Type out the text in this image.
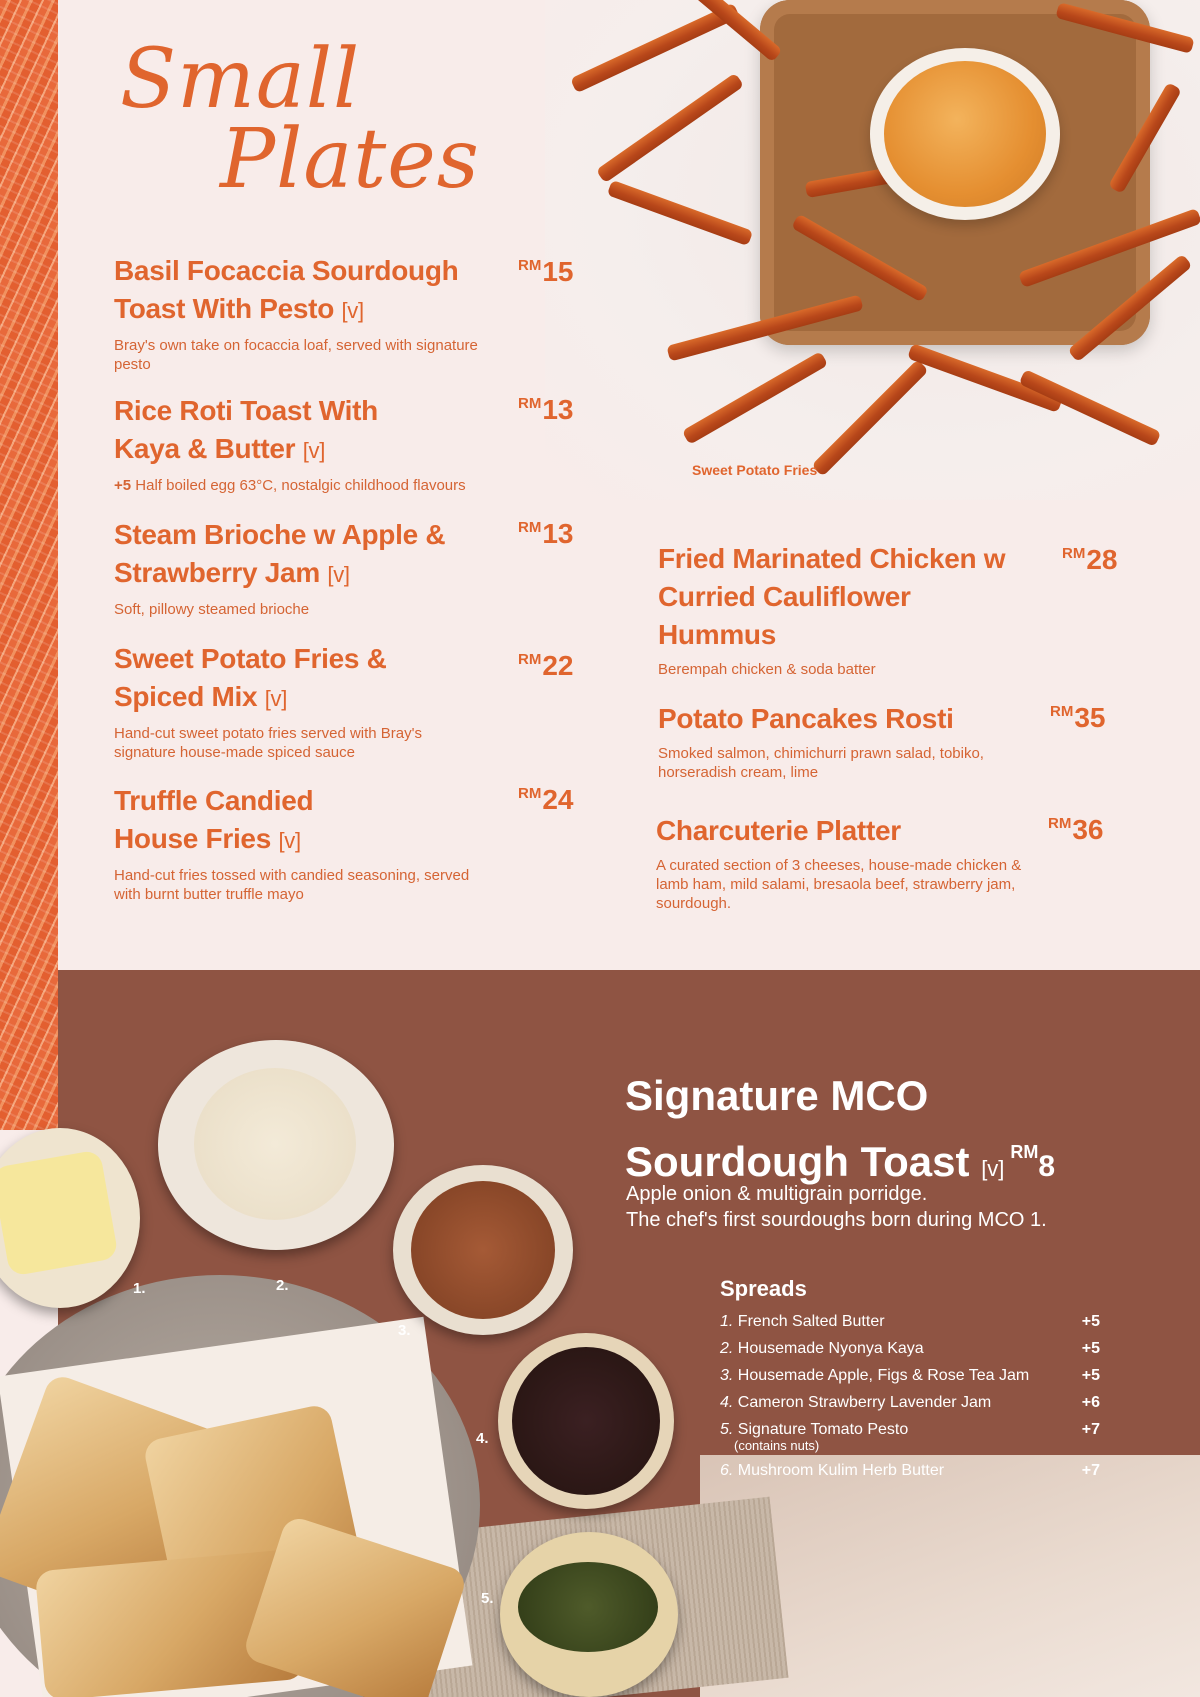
Sweet Potato Fries
Small
Plates
Basil Focaccia Sourdough Toast With Pesto [v]
Bray's own take on focaccia loaf, served with signature pesto
$^{RM}$15
Rice Roti Toast With Kaya & Butter [v]
+5 Half boiled egg 63°C, nostalgic childhood flavours
$^{RM}$13
Steam Brioche w Apple & Strawberry Jam [v]
Soft, pillowy steamed brioche
$^{RM}$13
Sweet Potato Fries & Spiced Mix [v]
Hand-cut sweet potato fries served with Bray's signature house-made spiced sauce
$^{RM}$22
Truffle Candied House Fries [v]
Hand-cut fries tossed with candied seasoning, served with burnt butter truffle mayo
$^{RM}$24
Fried Marinated Chicken w Curried Cauliflower Hummus
Berempah chicken & soda batter
$^{RM}$28
Potato Pancakes Rosti
Smoked salmon, chimichurri prawn salad, tobiko, horseradish cream, lime
$^{RM}$35
Charcuterie Platter
A curated section of 3 cheeses, house-made chicken & lamb ham, mild salami, bresaola beef, strawberry jam, sourdough.
$^{RM}$36
1.	2.
3.
4.
5.
Signature MCO
Sourdough Toast $[v]^{RM}8$
Apple onion & multigrain porridge.
The chef's first sourdoughs born during MCO 1.
Spreads
1. French Salted Butter	+5
2. Housemade Nyonya Kaya	+5
3. Housemade Apple, Figs & Rose Tea Jam	+5
4. Cameron Strawberry Lavender Jam	+6
5. Signature Tomato Pesto	+7
(contains nuts)
6. Mushroom Kulim Herb Butter	+7
